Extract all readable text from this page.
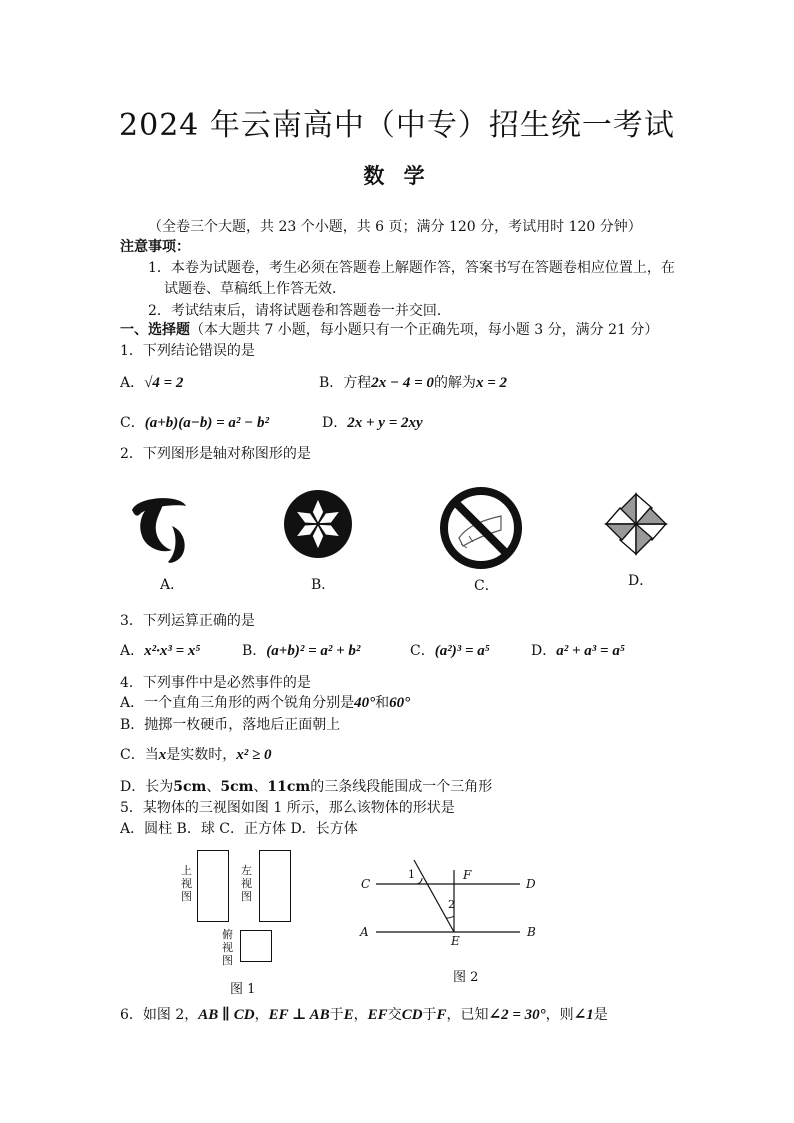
2024 年云南高中（中专）招生统一考试
数 学
（全卷三个大题，共 23 个小题，共 6 页；满分 120 分，考试用时 120 分钟）
注意事项：
1．本卷为试题卷，考生必须在答题卷上解题作答，答案书写在答题卷相应位置上，在
试题卷、草稿纸上作答无效．
2．考试结束后，请将试题卷和答题卷一并交回．
一、选择题（本大题共 7 小题，每小题只有一个正确先项，每小题 3 分，满分 21 分）
1．下列结论错误的是
A．√4 = 2	B．方程2x − 4 = 0的解为x = 2
C．(a+b)(a−b) = a² − b²	D．2x + y = 2xy
2．下列图形是轴对称图形的是
A．	B．	C．	D．
3．下列运算正确的是
A．x²·x³ = x⁵	B．(a+b)² = a² + b²	C．(a²)³ = a⁵	D．a² + a³ = a⁵
4．下列事件中是必然事件的是
A．一个直角三角形的两个锐角分别是40°和60°
B．抛掷一枚硬币，落地后正面朝上
C．当x是实数时，x² ≥ 0
D．长为5cm、5cm、11cm的三条线段能围成一个三角形
5．某物体的三视图如图 1 所示，那么该物体的形状是
A．圆柱 B．球 C．正方体 D．长方体
上视图
左视图
俯视图
图 1
C	D
A	B
E
F
1
2
图 2
6．如图 2，AB ∥ CD，EF ⊥ AB于E，EF交CD于F，已知∠2 = 30°，则∠1是
